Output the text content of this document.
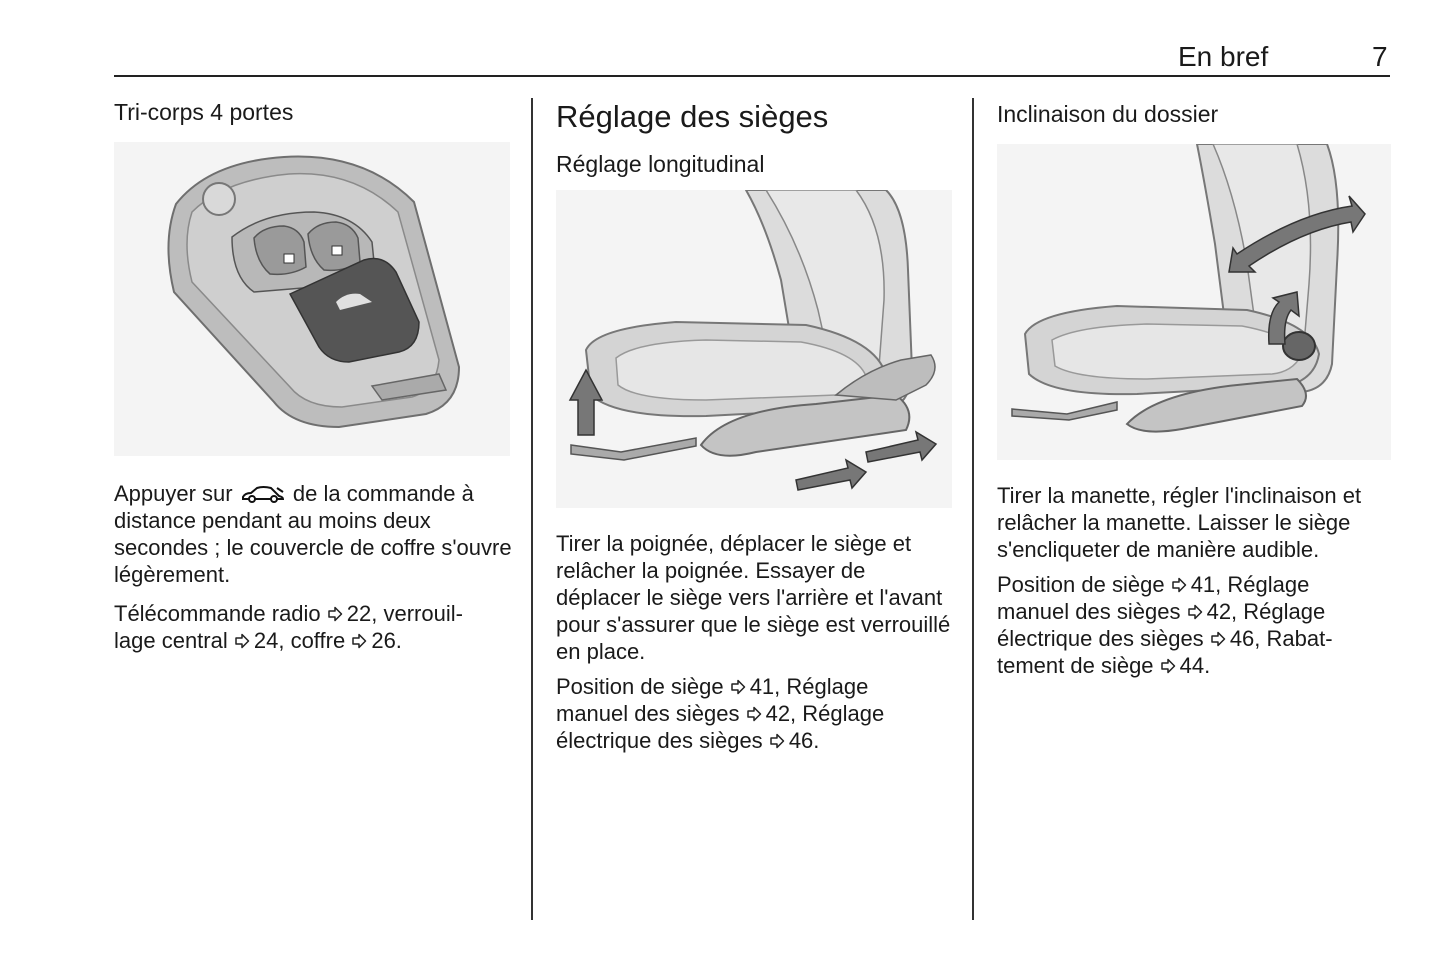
En bref	7
Tri-corps 4 portes

Appuyer sur	de la commande à distance pendant au moins deux secondes ; le couvercle de coffre s'ouvre légèrement.

Télécommande radio 22, verrouil-
lage central 24, coffre 26.

Réglage des sièges
Réglage longitudinal

Tirer la poignée, déplacer le siège et relâcher la poignée. Essayer de déplacer le siège vers l'arrière et l'avant pour s'assurer que le siège est verrouillé en place.

Position de siège 41, Réglage
manuel des sièges 42, Réglage
électrique des sièges 46.

Inclinaison du dossier

Tirer la manette, régler l'inclinaison et relâcher la manette. Laisser le siège s'encliqueter de manière audible.

Position de siège 41, Réglage
manuel des sièges 42, Réglage
électrique des sièges 46, Rabat-
tement de siège 44.
